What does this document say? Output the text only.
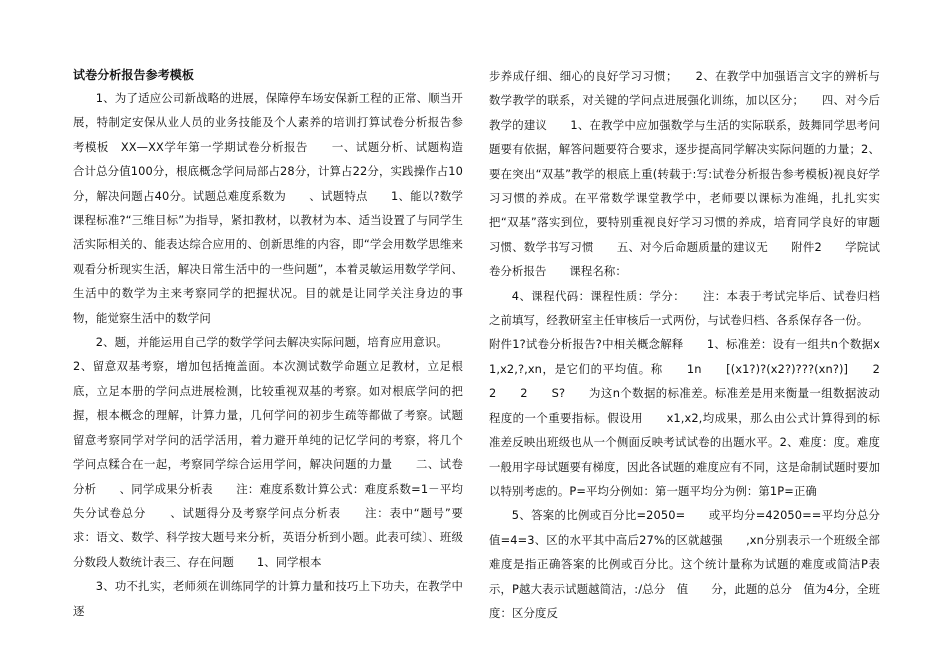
试卷分析报告参考模板

1、为了适应公司新战略的进展，保障停车场安保新工程的正常、顺当开展，特制定安保从业人员的业务技能及个人素养的培训打算试卷分析报告参考模板　XX—XX学年第一学期试卷分析报告　　一、试题分析、试题构造　　合计总分值100分，根底概念学问局部占28分，计算占22分，实践操作占10分，解决问题占40分。试题总难度系数为　　、试题特点　　1、能以?数学课程标准?“三维目标”为指导，紧扣教材，以教材为本、适当设置了与同学生活实际相关的、能表达综合应用的、创新思维的内容，即“学会用数学思维来观看分析现实生活，解决日常生活中的一些问题”，本着灵敏运用数学学问、生活中的数学为主来考察同学的把握状况。目的就是让同学关注身边的事物，能觉察生活中的数学问

2、题，并能运用自己学的数学学问去解决实际问题，培育应用意识。

2、留意双基考察，增加包括掩盖面。本次测试数学命题立足教材，立足根底，立足本册的学问点进展检测，比较重视双基的考察。如对根底学问的把握，根本概念的理解，计算力量，几何学问的初步生疏等都做了考察。试题留意考察同学对学问的活学活用，着力避开单纯的记忆学问的考察，将几个学问点糅合在一起，考察同学综合运用学问，解决问题的力量　　二、试卷分析　　、同学成果分析表　　注：难度系数计算公式：难度系数=1－平均失分试卷总分　　、试题得分及考察学问点分析表　　注：表中“题号”要求：语文、数学、科学按大题号来分析，英语分析到小题。此表可续〕、班级分数段人数统计表三、存在问题　　1、同学根本

3、功不扎实，老师须在训练同学的计算力量和技巧上下功夫，在教学中逐

步养成仔细、细心的良好学习习惯；　　2、在教学中加强语言文字的辨析与数学教学的联系，对关键的学问点进展强化训练，加以区分；　　四、对今后教学的建议　　1、在教学中应加强数学与生活的实际联系，鼓舞同学思考问题要有依据，解答问题要符合要求，逐步提高同学解决实际问题的力量；2、要在突出“双基”教学的根底上重(转载于:写:试卷分析报告参考模板)视良好学习习惯的养成。在平常数学课堂教学中，老师要以课标为准绳，扎扎实实把“双基”落实到位，要特别重视良好学习习惯的养成，培育同学良好的审题习惯、数学书写习惯　　五、对今后命题质量的建议无　　附件2　　学院试卷分析报告　　课程名称：

4、课程代码：课程性质：学分：　　注：本表于考试完毕后、试卷归档之前填写，经教研室主任审核后一式两份，与试卷归档、各系保存各一份。

附件1?试卷分析报告?中相关概念解释　　1、标准差：设有一组共n个数据x1,x2,?,xn，是它们的平均值。称　　1n　　[(x1?)?(x2?)???(xn?)]　　2　　2　　2　　S?　　为这n个数据的标准差。标准差是用来衡量一组数据波动程度的一个重要指标。假设用　　x1,x2,均成果，那么由公式计算得到的标准差反映出班级也从一个侧面反映考试试卷的出题水平。2、难度：度。难度一般用字母试题要有梯度，因此各试题的难度应有不同，这是命制试题时要加以特别考虑的。P=平均分例如：第一题平均分为例：第1P=正确

5、答案的比例或百分比=2050=　　或平均分=42050==平均分总分　值=4=3、区的水平其中高后27%的区就越强　　,xn分别表示一个班级全部难度是指正确答案的比例或百分比。这个统计量称为试题的难度或简洁P表示，P越大表示试题越简洁，:/总分　值　　分，此题的总分　值为4分，全班度：区分度反
